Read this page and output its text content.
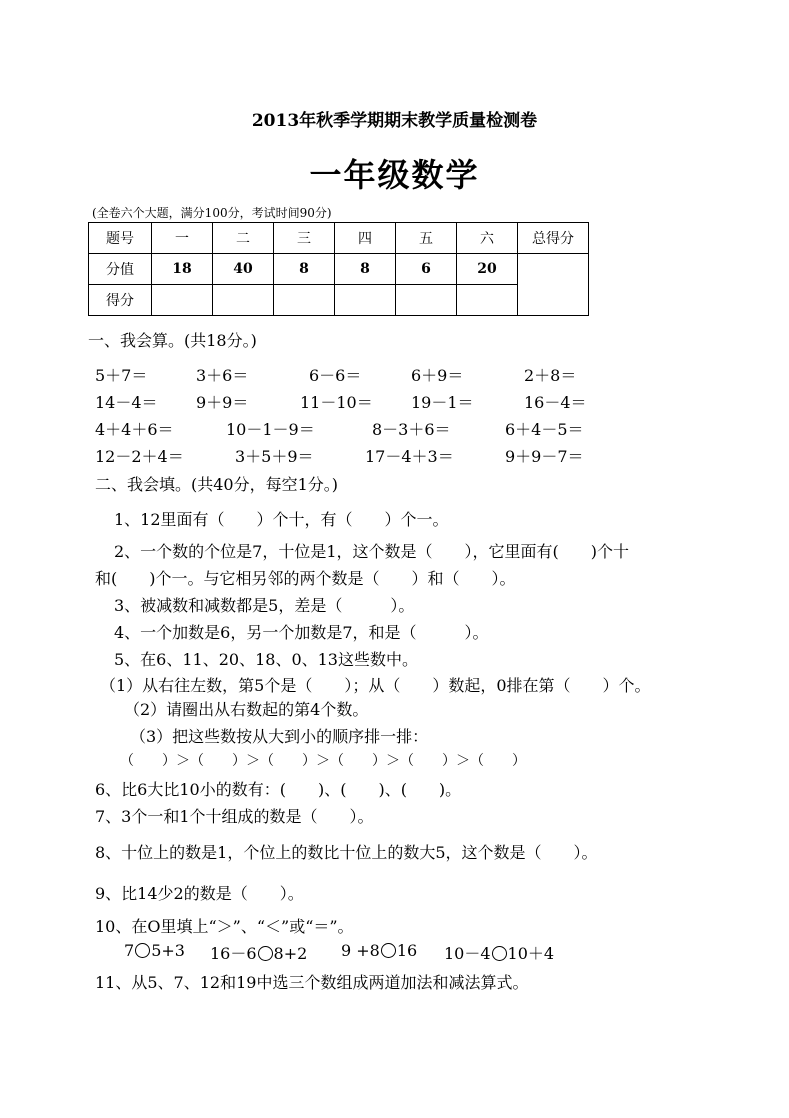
2013年秋季学期期末教学质量检测卷
一年级数学
(全卷六个大题，满分100分，考试时间90分)
题号	一	二	三	四	五	六	总得分
分值	18	40	8	8	6	20	
得分							
一、我会算。(共18分。)
5＋7＝	3＋6＝	6－6＝	6＋9＝	2＋8＝
14－4＝ 9＋9＝	11－10＝ 19－1＝	16－4＝
4＋4＋6＝	10－1－9＝	8－3＋6＝	6＋4－5＝
12－2＋4＝	3＋5＋9＝	17－4＋3＝	9＋9－7＝
二、我会填。(共40分，每空1分。)
1、12里面有（　　）个十，有（　　）个一。
2、一个数的个位是7，十位是1，这个数是（　　），它里面有(　　)个十
和(　　)个一。与它相另邻的两个数是（　　）和（　　）。
3、被减数和减数都是5，差是（　　　）。
4、一个加数是6，另一个加数是7，和是（　　　）。
5、在6、11、20、18、0、13这些数中。
（1）从右往左数，第5个是（　　）；从（　　）数起，0排在第（　　）个。
（2）请圈出从右数起的第4个数。
（3）把这些数按从大到小的顺序排一排：
（　　）＞（　　）＞（　　）＞（　　）＞（　　）＞（　　）
6、比6大比10小的数有：(　　)、(　　)、(　　)。
7、3个一和1个十组成的数是（　　）。
8、十位上的数是1，个位上的数比十位上的数大5，这个数是（　　）。
9、比14少2的数是（　　）。
10、在O里填上“＞”、“＜”或“＝”。
7 5+3 16－6 8+2 9 +8 16 10－4 10＋4
11、从5、7、12和19中选三个数组成两道加法和减法算式。
